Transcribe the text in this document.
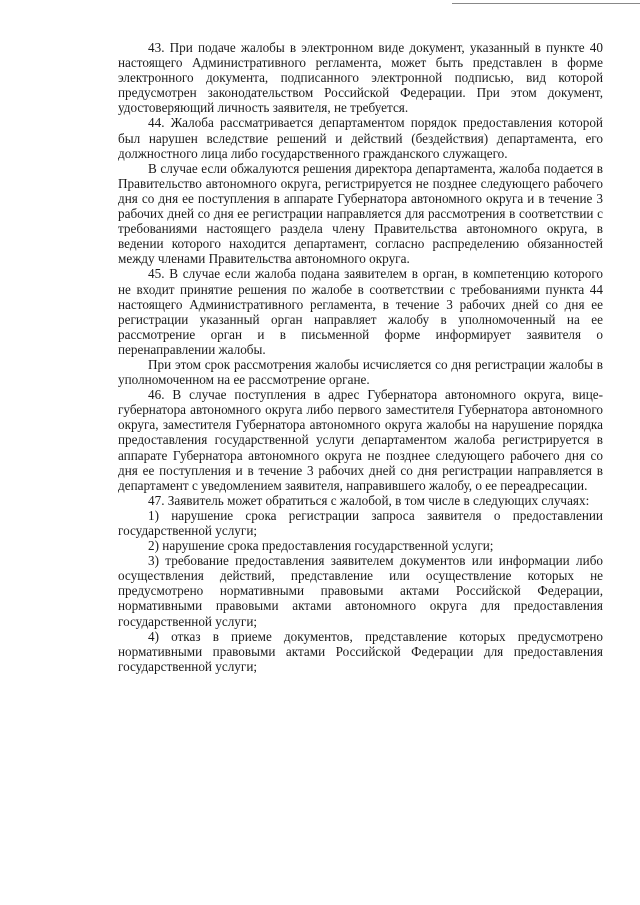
43. При подаче жалобы в электронном виде документ, указанный в пункте 40 настоящего Административного регламента, может быть представлен в форме электронного документа, подписанного электронной подписью, вид которой предусмотрен законодательством Российской Федерации. При этом документ, удостоверяющий личность заявителя, не требуется.

44. Жалоба рассматривается департаментом порядок предоставления которой был нарушен вследствие решений и действий (бездействия) департамента, его должностного лица либо государственного гражданского служащего.

В случае если обжалуются решения директора департамента, жалоба подается в Правительство автономного округа, регистрируется не позднее следующего рабочего дня со дня ее поступления в аппарате Губернатора автономного округа и в течение 3 рабочих дней со дня ее регистрации направляется для рассмотрения в соответствии с требованиями настоящего раздела члену Правительства автономного округа, в ведении которого находится департамент, согласно распределению обязанностей между членами Правительства автономного округа.

45. В случае если жалоба подана заявителем в орган, в компетенцию которого не входит принятие решения по жалобе в соответствии с требованиями пункта 44 настоящего Административного регламента, в течение 3 рабочих дней со дня ее регистрации указанный орган направляет жалобу в уполномоченный на ее рассмотрение орган и в письменной форме информирует заявителя о перенаправлении жалобы.

При этом срок рассмотрения жалобы исчисляется со дня регистрации жалобы в уполномоченном на ее рассмотрение органе.

46. В случае поступления в адрес Губернатора автономного округа, вице-губернатора автономного округа либо первого заместителя Губернатора автономного округа, заместителя Губернатора автономного округа жалобы на нарушение порядка предоставления государственной услуги департаментом жалоба регистрируется в аппарате Губернатора автономного округа не позднее следующего рабочего дня со дня ее поступления и в течение 3 рабочих дней со дня регистрации направляется в департамент с уведомлением заявителя, направившего жалобу, о ее переадресации.

47. Заявитель может обратиться с жалобой, в том числе в следующих случаях:

1) нарушение срока регистрации запроса заявителя о предоставлении государственной услуги;

2) нарушение срока предоставления государственной услуги;

3) требование предоставления заявителем документов или информации либо осуществления действий, представление или осуществление которых не предусмотрено нормативными правовыми актами Российской Федерации, нормативными правовыми актами автономного округа для предоставления государственной услуги;

4) отказ в приеме документов, представление которых предусмотрено нормативными правовыми актами Российской Федерации для предоставления государственной услуги;
